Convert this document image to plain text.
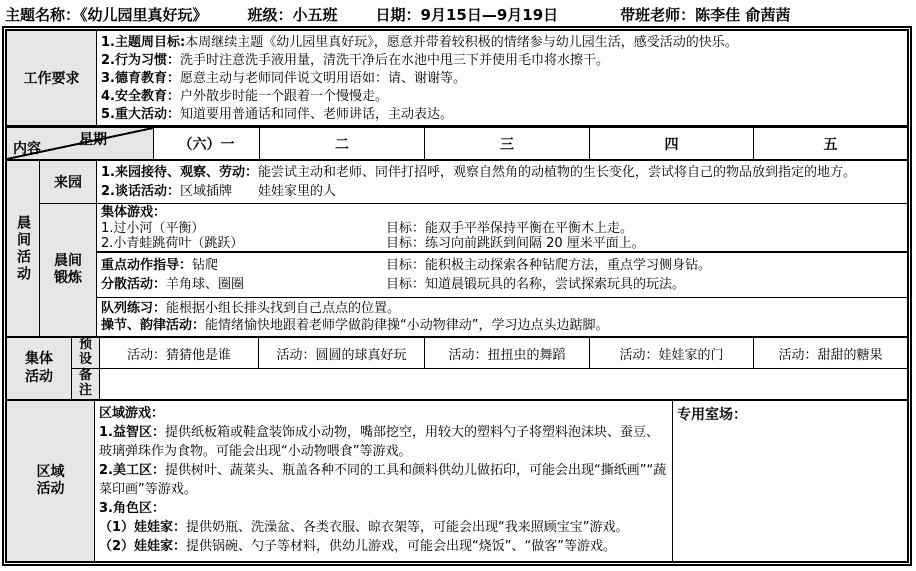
主题名称：《幼儿园里真好玩》	班级：小五班	日期：9月15日—9月19日	带班老师：陈李佳 俞茜茜
工作要求
1.主题周目标:本周继续主题《幼儿园里真好玩》，愿意并带着较积极的情绪参与幼儿园生活，感受活动的快乐。
2.行为习惯：洗手时注意洗手液用量，清洗干净后在水池中甩三下并使用毛巾将水擦干。
3.德育教育：愿意主动与老师同伴说文明用语如：请、谢谢等。
4.安全教育：户外散步时能一个跟着一个慢慢走。
5.重大活动：知道要用普通话和同伴、老师讲话，主动表达。
星期
内容	（六）一	二	三	四	五
晨间活动
来园
1.来园接待、观察、劳动：能尝试主动和老师、同伴打招呼，观察自然角的动植物的生长变化，尝试将自己的物品放到指定的地方。
2.谈话活动：区域插牌　　娃娃家里的人
晨间锻炼
集体游戏：
1.过小河（平衡）	目标：能双手平举保持平衡在平衡木上走。
2.小青蛙跳荷叶（跳跃）	目标：练习向前跳跃到间隔 20 厘米平面上。
重点动作指导：钻爬	目标：能积极主动探索各种钻爬方法，重点学习侧身钻。
分散活动：羊角球、圈圈	目标：知道晨锻玩具的名称，尝试探索玩具的玩法。
队列练习：能根据小组长排头找到自己点点的位置。
操节、韵律活动：能情绪愉快地跟着老师学做韵律操“小动物律动”，学习边点头边踮脚。
集体活动
预设	活动：猜猜他是谁	活动：圆圆的球真好玩	活动：扭扭虫的舞蹈	活动：娃娃家的门	活动：甜甜的糖果
备注
区域活动
区域游戏：
1.益智区：提供纸板箱或鞋盒装饰成小动物，嘴部挖空，用较大的塑料勺子将塑料泡沫块、蚕豆、玻璃弹珠作为食物。可能会出现“小动物喂食”等游戏。
2.美工区：提供树叶、蔬菜头、瓶盖各种不同的工具和颜料供幼儿做拓印，可能会出现“撕纸画”“蔬菜印画”等游戏。
3.角色区：
（1）娃娃家：提供奶瓶、洗澡盆、各类衣服、晾衣架等，可能会出现“我来照顾宝宝”游戏。
（2）娃娃家：提供锅碗、勺子等材料，供幼儿游戏，可能会出现“烧饭”、“做客”等游戏。
专用室场：
